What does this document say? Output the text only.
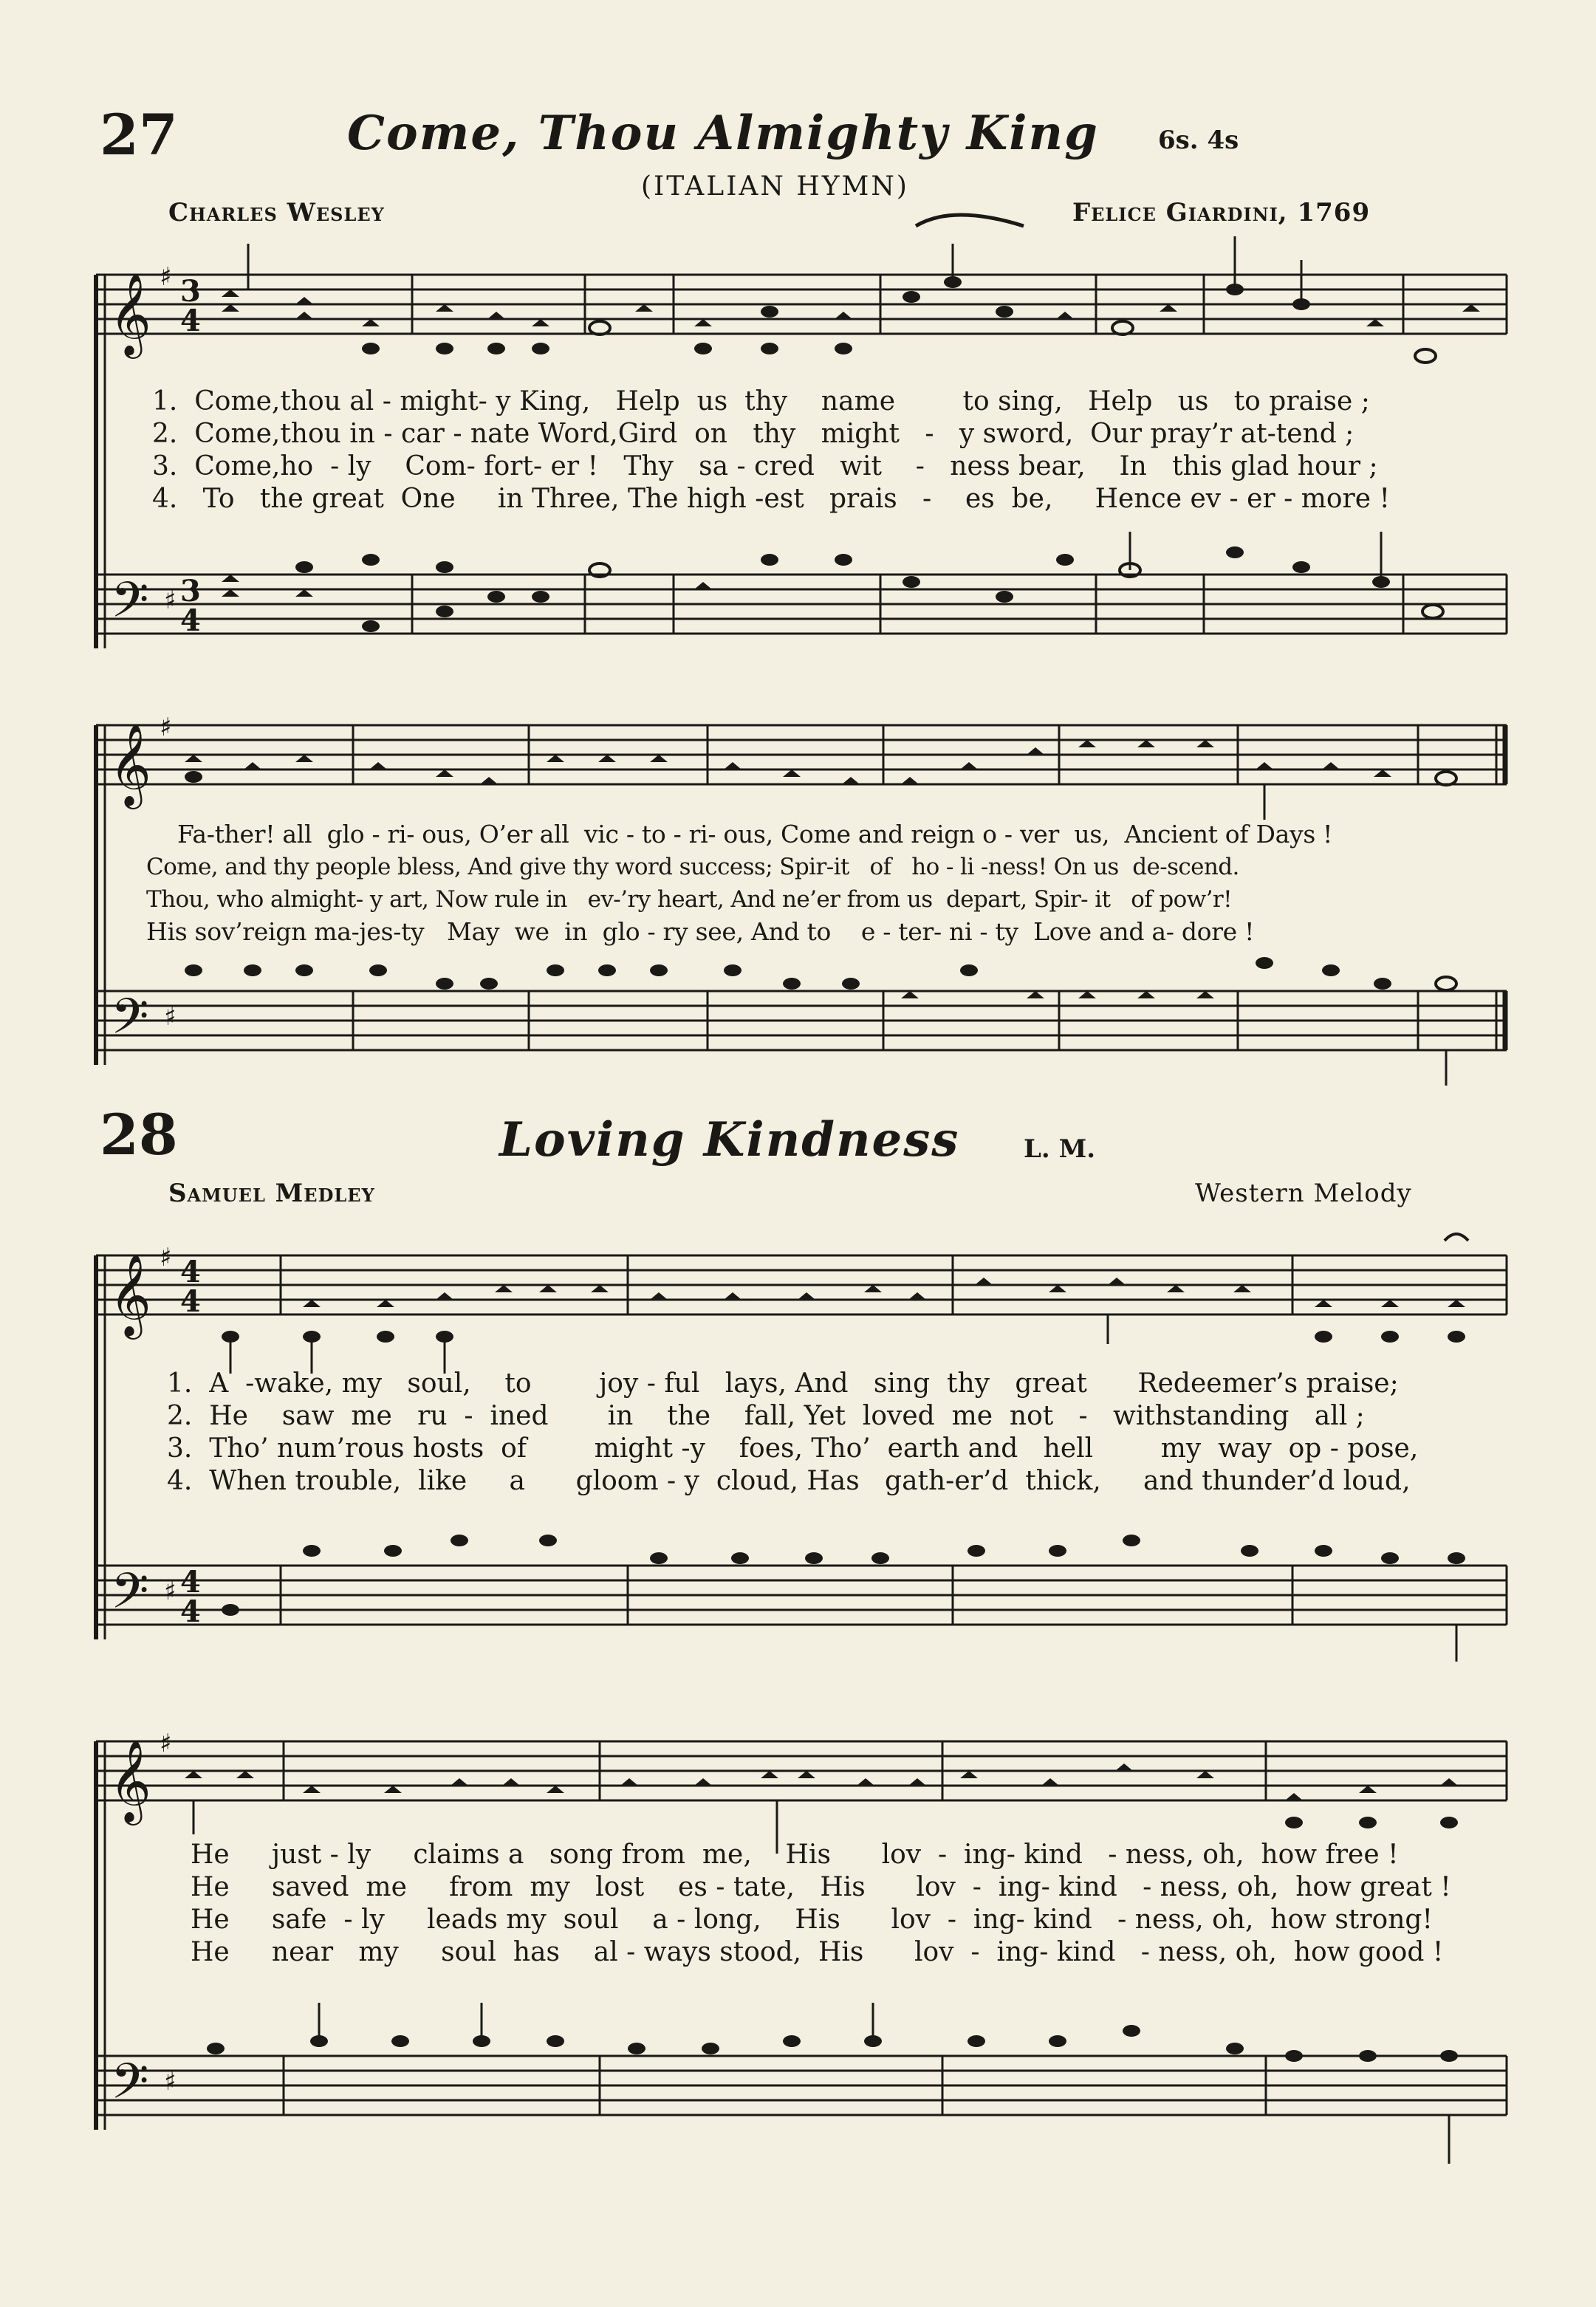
27	Come, Thou Almighty King 6s. 4s
(ITALIAN HYMN)
Charles Wesley	Felice Giardini, 1769
3
4
3
4
𝄞
𝄢
♯
♯
1.  Come,thou al - might- y King,   Help  us  thy    name        to sing,   Help   us   to praise ;
2.  Come,thou in - car - nate Word,Gird  on   thy   might   -   y sword,  Our pray’r at-tend ;
3.  Come,ho  - ly    Com- fort- er !   Thy   sa - cred   wit    -   ness bear,    In   this glad hour ;
4.   To   the great  One     in Three, The high -est   prais   -    es  be,     Hence ev - er - more !
𝄞
𝄢
♯
♯
Fa-ther! all  glo - ri- ous, O’er all  vic - to - ri- ous, Come and reign o - ver  us,  Ancient of Days !
Come, and thy people bless, And give thy word success; Spir-it   of   ho - li -ness! On us  de-scend.
Thou, who almight- y art, Now rule in   ev-’ry heart, And ne’er from us  depart, Spir- it   of pow’r!
His sov’reign ma-jes-ty   May  we  in  glo - ry see, And to    e - ter- ni - ty  Love and a- dore !
28	Loving Kindness	L. M.
Samuel Medley	Western Melody
4
4
4
4
𝄞
𝄢
♯
♯
1.  A  -wake, my   soul,    to        joy - ful   lays, And   sing  thy   great      Redeemer’s praise;
2.  He    saw  me   ru  -  ined       in    the    fall, Yet  loved  me  not   -   withstanding   all ;
3.  Tho’ num’rous hosts  of        might -y    foes, Tho’  earth and   hell        my  way  op - pose,
4.  When trouble,  like     a      gloom - y  cloud, Has   gath-er’d  thick,     and thunder’d loud,
𝄞
𝄢
♯
♯
He     just - ly     claims a   song from  me,    His      lov  -  ing- kind   - ness, oh,  how free !
He     saved  me     from  my   lost    es - tate,   His      lov  -  ing- kind   - ness, oh,  how great !
He     safe  - ly     leads my  soul    a - long,    His      lov  -  ing- kind   - ness, oh,  how strong!
He     near   my     soul  has    al - ways stood,  His      lov  -  ing- kind   - ness, oh,  how good !
